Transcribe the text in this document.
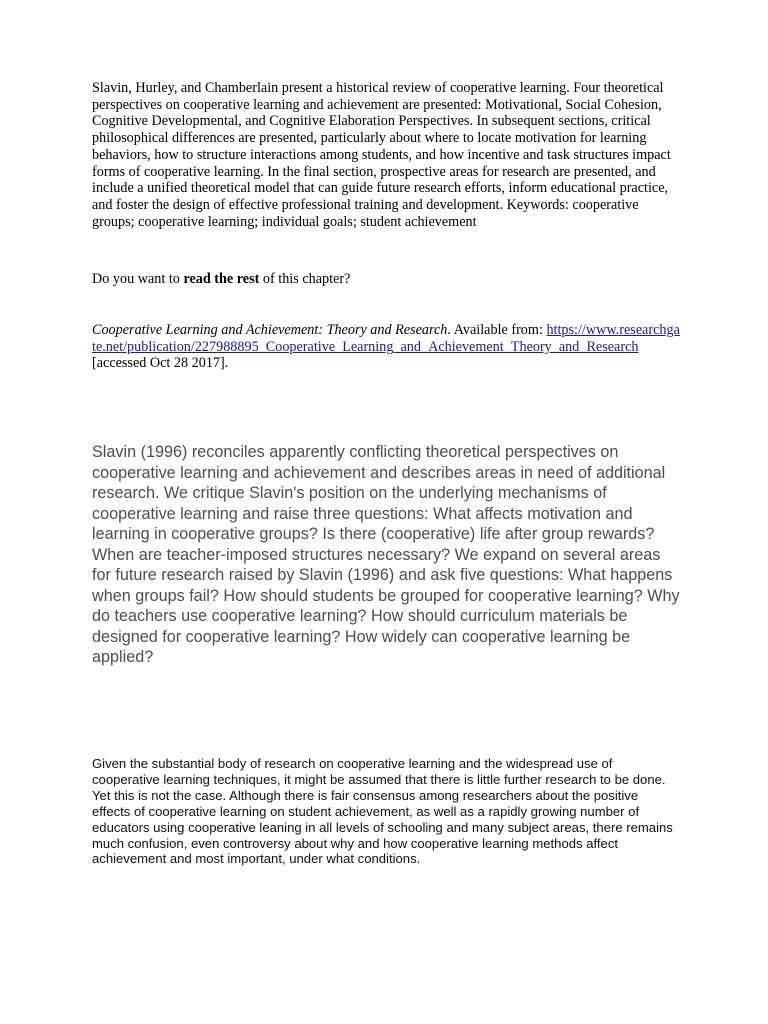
Slavin, Hurley, and Chamberlain present a historical review of cooperative learning. Four theoretical perspectives on cooperative learning and achievement are presented: Motivational, Social Cohesion, Cognitive Developmental, and Cognitive Elaboration Perspectives. In subsequent sections, critical philosophical differences are presented, particularly about where to locate motivation for learning behaviors, how to structure interactions among students, and how incentive and task structures impact forms of cooperative learning. In the final section, prospective areas for research are presented, and include a unified theoretical model that can guide future research efforts, inform educational practice, and foster the design of effective professional training and development. Keywords: cooperative groups; cooperative learning; individual goals; student achievement

Do you want to read the rest of this chapter?

Cooperative Learning and Achievement: Theory and Research. Available from: https://www.researchgate.net/publication/227988895_Cooperative_Learning_and_Achievement_Theory_and_Research [accessed Oct 28 2017].

Slavin (1996) reconciles apparently conflicting theoretical perspectives on cooperative learning and achievement and describes areas in need of additional research. We critique Slavin's position on the underlying mechanisms of cooperative learning and raise three questions: What affects motivation and learning in cooperative groups? Is there (cooperative) life after group rewards? When are teacher-imposed structures necessary? We expand on several areas for future research raised by Slavin (1996) and ask five questions: What happens when groups fail? How should students be grouped for cooperative learning? Why do teachers use cooperative learning? How should curriculum materials be designed for cooperative learning? How widely can cooperative learning be applied?

Given the substantial body of research on cooperative learning and the widespread use of cooperative learning techniques, it might be assumed that there is little further research to be done. Yet this is not the case. Although there is fair consensus among researchers about the positive effects of cooperative learning on student achievement, as well as a rapidly growing number of educators using cooperative leaning in all levels of schooling and many subject areas, there remains much confusion, even controversy about why and how cooperative learning methods affect achievement and most important, under what conditions.
